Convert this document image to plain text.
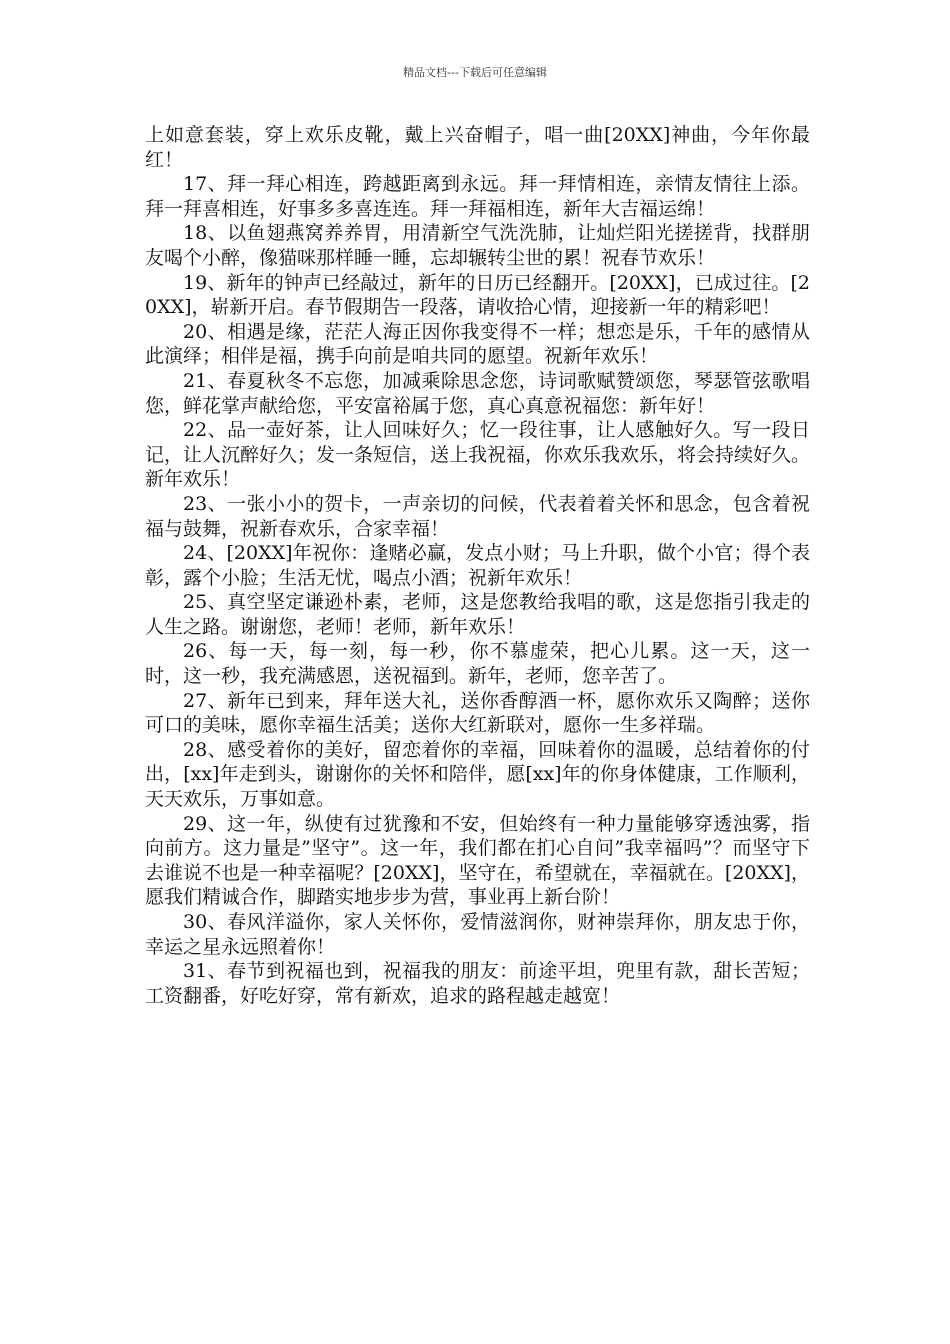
精品文档---下载后可任意编辑

上如意套装，穿上欢乐皮靴，戴上兴奋帽子，唱一曲[20XX]神曲，今年你最红！

17、拜一拜心相连，跨越距离到永远。拜一拜情相连，亲情友情往上添。拜一拜喜相连，好事多多喜连连。拜一拜福相连，新年大吉福运绵！

18、以鱼翅燕窝养养胃，用清新空气洗洗肺，让灿烂阳光搓搓背，找群朋友喝个小醉，像猫咪那样睡一睡，忘却辗转尘世的累！祝春节欢乐！

19、新年的钟声已经敲过，新年的日历已经翻开。[20XX]，已成过往。[20XX]，崭新开启。春节假期告一段落，请收拾心情，迎接新一年的精彩吧！

20、相遇是缘，茫茫人海正因你我变得不一样；想恋是乐，千年的感情从此演绎；相伴是福，携手向前是咱共同的愿望。祝新年欢乐！

21、春夏秋冬不忘您，加减乘除思念您，诗词歌赋赞颂您，琴瑟管弦歌唱您，鲜花掌声献给您，平安富裕属于您，真心真意祝福您：新年好！

22、品一壶好茶，让人回味好久；忆一段往事，让人感触好久。写一段日记，让人沉醉好久；发一条短信，送上我祝福，你欢乐我欢乐，将会持续好久。新年欢乐！

23、一张小小的贺卡，一声亲切的问候，代表着着关怀和思念，包含着祝福与鼓舞，祝新春欢乐，合家幸福！

24、[20XX]年祝你：逢赌必赢，发点小财；马上升职，做个小官；得个表彰，露个小脸；生活无忧，喝点小酒；祝新年欢乐！

25、真空坚定谦逊朴素，老师，这是您教给我唱的歌，这是您指引我走的人生之路。谢谢您，老师！老师，新年欢乐！

26、每一天，每一刻，每一秒，你不慕虚荣，把心儿累。这一天，这一时，这一秒，我充满感恩，送祝福到。新年，老师，您辛苦了。

27、新年已到来，拜年送大礼，送你香醇酒一杯，愿你欢乐又陶醉；送你可口的美味，愿你幸福生活美；送你大红新联对，愿你一生多祥瑞。

28、感受着你的美好，留恋着你的幸福，回味着你的温暖，总结着你的付出，[xx]年走到头，谢谢你的关怀和陪伴，愿[xx]年的你身体健康，工作顺利，天天欢乐，万事如意。

29、这一年，纵使有过犹豫和不安，但始终有一种力量能够穿透浊雾，指向前方。这力量是”坚守”。这一年，我们都在扪心自问”我幸福吗”？而坚守下去谁说不也是一种幸福呢？[20XX]，坚守在，希望就在，幸福就在。[20XX]，愿我们精诚合作，脚踏实地步步为营，事业再上新台阶！

30、春风洋溢你，家人关怀你，爱情滋润你，财神崇拜你，朋友忠于你，幸运之星永远照着你！

31、春节到祝福也到，祝福我的朋友：前途平坦，兜里有款，甜长苦短；工资翻番，好吃好穿，常有新欢，追求的路程越走越宽！
